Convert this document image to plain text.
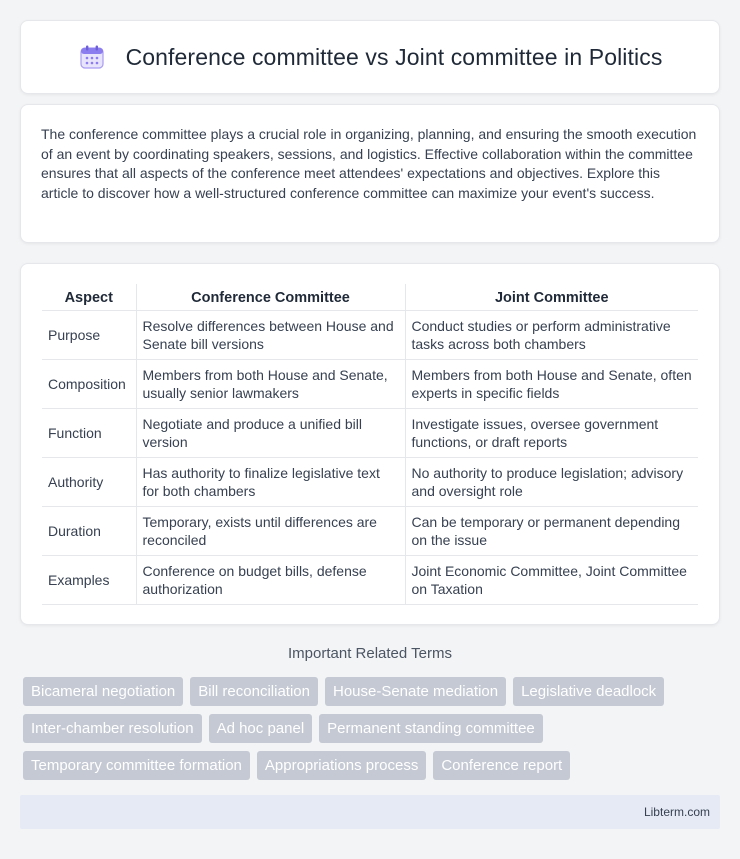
Conference committee vs Joint committee in Politics

The conference committee plays a crucial role in organizing, planning, and ensuring the smooth execution of an event by coordinating speakers, sessions, and logistics. Effective collaboration within the committee ensures that all aspects of the conference meet attendees' expectations and objectives. Explore this article to discover how a well-structured conference committee can maximize your event's success.

Aspect	Conference Committee	Joint Committee
Purpose	Resolve differences between House and Senate bill versions	Conduct studies or perform administrative tasks across both chambers
Composition	Members from both House and Senate, usually senior lawmakers	Members from both House and Senate, often experts in specific fields
Function	Negotiate and produce a unified bill version	Investigate issues, oversee government functions, or draft reports
Authority	Has authority to finalize legislative text for both chambers	No authority to produce legislation; advisory and oversight role
Duration	Temporary, exists until differences are reconciled	Can be temporary or permanent depending on the issue
Examples	Conference on budget bills, defense authorization	Joint Economic Committee, Joint Committee on Taxation
Important Related Terms
Bicameral negotiation	Bill reconciliation	House-Senate mediation	Legislative deadlock
Inter-chamber resolution	Ad hoc panel	Permanent standing committee
Temporary committee formation	Appropriations process	Conference report
Libterm.com
